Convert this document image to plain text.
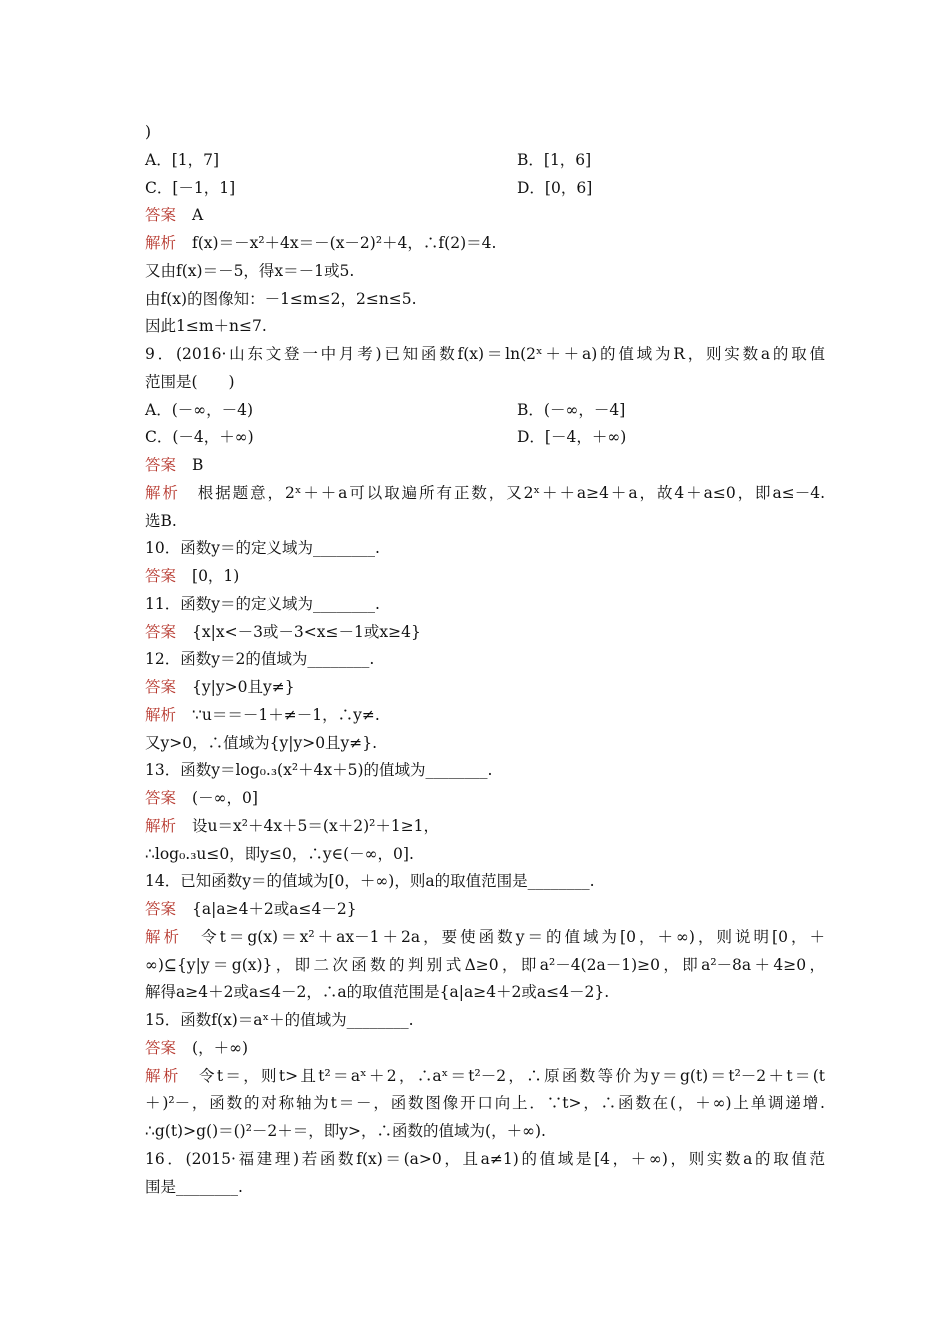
)
A．[1，7]	B．[1，6]
C．[－1，1]	D．[0，6]
答案 A
解析 f(x)＝－x²＋4x＝－(x－2)²＋4，∴f(2)＝4.
又由f(x)＝－5，得x＝－1或5.
由f(x)的图像知：－1≤m≤2，2≤n≤5.
因此1≤m＋n≤7.
9．(2016·山东文登一中月考)已知函数f(x)＝ln(2ˣ＋＋a)的值域为R，则实数a的取值
范围是(　　)
A．(－∞，－4)	B．(－∞，－4]
C．(－4，＋∞)	D．[－4，＋∞)
答案 B
解析 根据题意，2ˣ＋＋a可以取遍所有正数，又2ˣ＋＋a≥4＋a，故4＋a≤0，即a≤－4.
选B.
10．函数y＝的定义域为________.
答案 [0，1)
11．函数y＝的定义域为________.
答案 {x|x<－3或－3<x≤－1或x≥4}
12．函数y＝2的值域为________.
答案 {y|y>0且y≠}
解析 ∵u＝＝－1＋≠－1，∴y≠.
又y>0，∴值域为{y|y>0且y≠}.
13．函数y＝log₀.₃(x²＋4x＋5)的值域为________.
答案 (－∞，0]
解析 设u＝x²＋4x＋5＝(x＋2)²＋1≥1，
∴log₀.₃u≤0，即y≤0，∴y∈(－∞，0].
14．已知函数y＝的值域为[0，＋∞)，则a的取值范围是________.
答案 {a|a≥4＋2或a≤4－2}
解析 令t＝g(x)＝x²＋ax－1＋2a，要使函数y＝的值域为[0，＋∞)，则说明[0，＋
∞)⊆{y|y＝g(x)}，即二次函数的判别式Δ≥0，即a²－4(2a－1)≥0，即a²－8a＋4≥0，
解得a≥4＋2或a≤4－2，∴a的取值范围是{a|a≥4＋2或a≤4－2}.
15．函数f(x)＝aˣ＋的值域为________.
答案 (，＋∞)
解析 令t＝，则t>且t²＝aˣ＋2，∴aˣ＝t²－2，∴原函数等价为y＝g(t)＝t²－2＋t＝(t
＋)²－，函数的对称轴为t＝－，函数图像开口向上．∵t>，∴函数在(，＋∞)上单调递增.
∴g(t)>g()＝()²－2＋＝，即y>，∴函数的值域为(，＋∞).
16．(2015·福建理)若函数f(x)＝(a>0，且a≠1)的值域是[4，＋∞)，则实数a的取值范
围是________.
